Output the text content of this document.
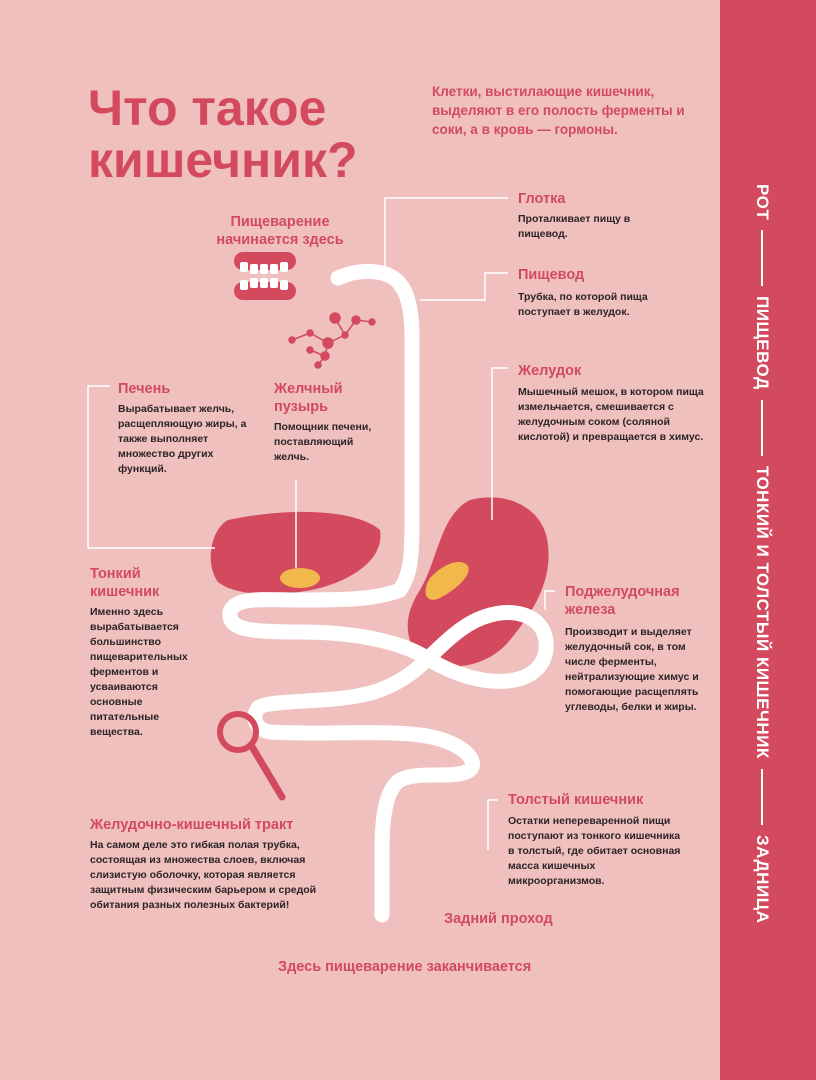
РОТ
ПИЩЕВОД
ТОНКИЙ И ТОЛСТЫЙ КИШЕЧНИК
ЗАДНИЦА
Что такое кишечник?
Клетки, выстилающие кишечник, выделяют в его полость ферменты и соки, а в кровь — гормоны.
Пищеварение начинается здесь
Глотка
Проталкивает пищу в пищевод.
Пищевод
Трубка, по которой пища поступает в желудок.
Желудок
Мышечный мешок, в котором пища измельчается, смешивается с желудочным соком (соляной кислотой) и превращается в химус.
Печень
Вырабатывает желчь, расщепляющую жиры, а также выполняет множество других функций.
Желчный пузырь
Помощник печени, поставляющий желчь.
Тонкий кишечник
Именно здесь вырабатывается большинство пищеварительных ферментов и усваиваются основные питательные вещества.
Поджелудочная железа
Производит и выделяет желудочный сок, в том числе ферменты, нейтрализующие химус и помогающие расщеплять углеводы, белки и жиры.
Толстый кишечник
Остатки непереваренной пищи поступают из тонкого кишечника в толстый, где обитает основная масса кишечных микроорганизмов.
Желудочно-кишечный тракт
На самом деле это гибкая полая трубка, состоящая из множества слоев, включая слизистую оболочку, которая является защитным физическим барьером и средой обитания разных полезных бактерий!
Задний проход
Здесь пищеварение заканчивается
